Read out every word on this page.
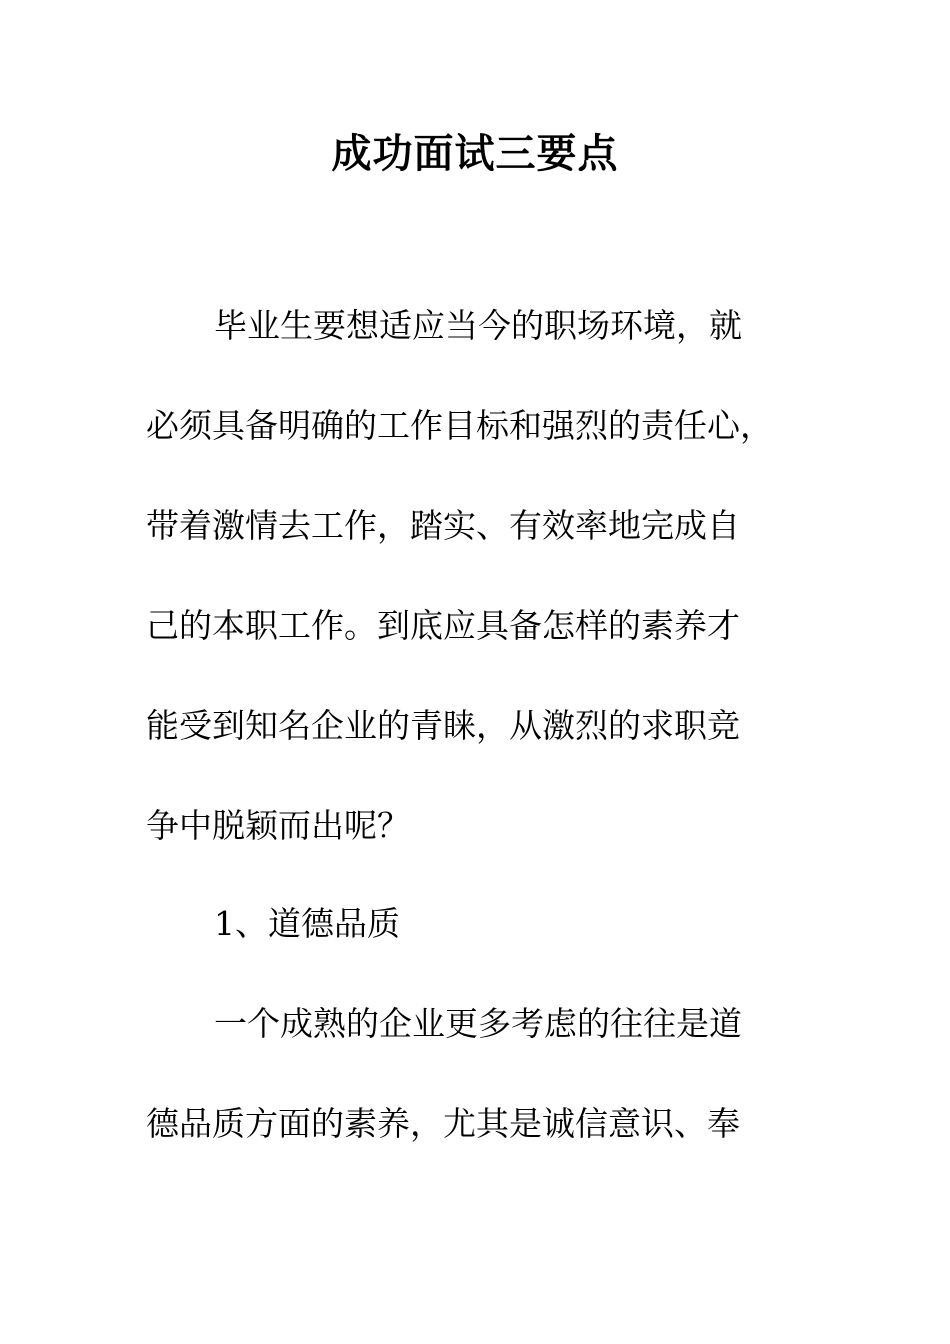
成功面试三要点

毕业生要想适应当今的职场环境，就

必须具备明确的工作目标和强烈的责任心，

带着激情去工作，踏实、有效率地完成自

己的本职工作。到底应具备怎样的素养才

能受到知名企业的青睐，从激烈的求职竞

争中脱颖而出呢？

1、道德品质

一个成熟的企业更多考虑的往往是道

德品质方面的素养，尤其是诚信意识、奉
